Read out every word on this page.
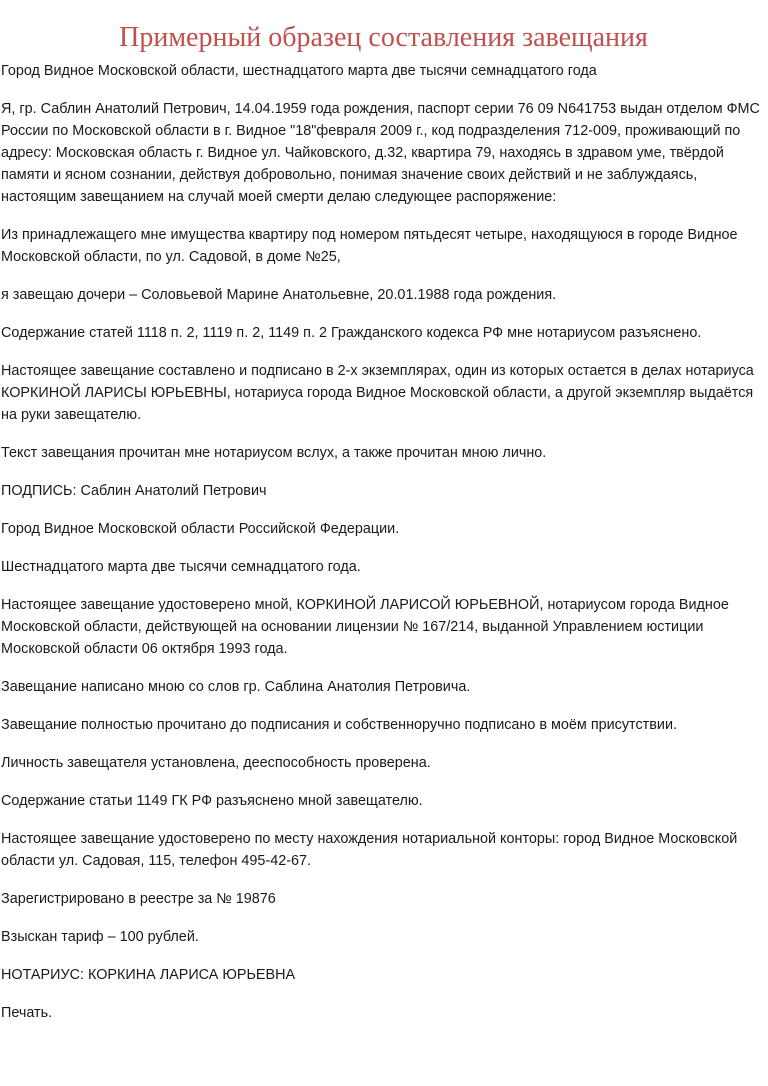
Примерный образец составления завещания

Город Видное Московской области, шестнадцатого марта две тысячи семнадцатого года

Я, гр. Саблин Анатолий Петрович, 14.04.1959 года рождения, паспорт серии 76 09 N641753 выдан отделом ФМС России по Московской области в г. Видное "18"февраля 2009 г., код подразделения 712-009, проживающий по адресу: Московская область г. Видное ул. Чайковского, д.32, квартира 79, находясь в здравом уме, твёрдой памяти и ясном сознании, действуя добровольно, понимая значение своих действий и не заблуждаясь, настоящим завещанием на случай моей смерти делаю следующее распоряжение:

Из принадлежащего мне имущества квартиру под номером пятьдесят четыре, находящуюся в городе Видное Московской области, по ул. Садовой, в доме №25,

я завещаю дочери – Соловьевой Марине Анатольевне, 20.01.1988 года рождения.

Содержание статей 1118 п. 2, 1119 п. 2, 1149 п. 2 Гражданского кодекса РФ мне нотариусом разъяснено.

Настоящее завещание составлено и подписано в 2-х экземплярах, один из которых остается в делах нотариуса КОРКИНОЙ ЛАРИСЫ ЮРЬЕВНЫ, нотариуса города Видное Московской области, а другой экземпляр выдаётся на руки завещателю.

Текст завещания прочитан мне нотариусом вслух, а также прочитан мною лично.

ПОДПИСЬ: Саблин Анатолий Петрович

Город Видное Московской области Российской Федерации.

Шестнадцатого марта две тысячи семнадцатого года.

Настоящее завещание удостоверено мной, КОРКИНОЙ ЛАРИСОЙ ЮРЬЕВНОЙ, нотариусом города Видное Московской области, действующей на основании лицензии № 167/214, выданной Управлением юстиции Московской области 06 октября 1993 года.

Завещание написано мною со слов гр. Саблина Анатолия Петровича.

Завещание полностью прочитано до подписания и собственноручно подписано в моём присутствии.

Личность завещателя установлена, дееспособность проверена.

Содержание статьи 1149 ГК РФ разъяснено мной завещателю.

Настоящее завещание удостоверено по месту нахождения нотариальной конторы: город Видное Московской области ул. Садовая, 115, телефон 495-42-67.

Зарегистрировано в реестре за № 19876

Взыскан тариф – 100 рублей.

НОТАРИУС: КОРКИНА ЛАРИСА ЮРЬЕВНА

Печать.
